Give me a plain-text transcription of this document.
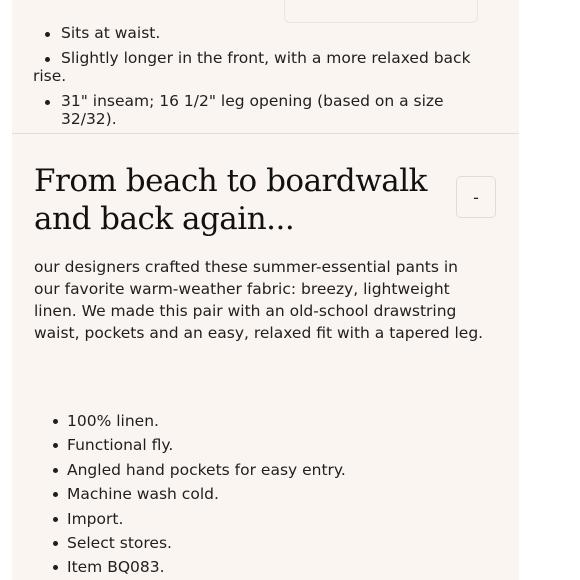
Sits at waist.
Slightly longer in the front, with a more relaxed back rise.
31" inseam; 16 1/2" leg opening (based on a size 32/32).
From beach to boardwalk and back again...
-

our designers crafted these summer-essential pants in our favorite warm-weather fabric: breezy, lightweight linen. We made this pair with an old-school drawstring waist, pockets and an easy, relaxed fit with a tapered leg.

100% linen.
Functional fly.
Angled hand pockets for easy entry.
Machine wash cold.
Import.
Select stores.
Item BQ083.
